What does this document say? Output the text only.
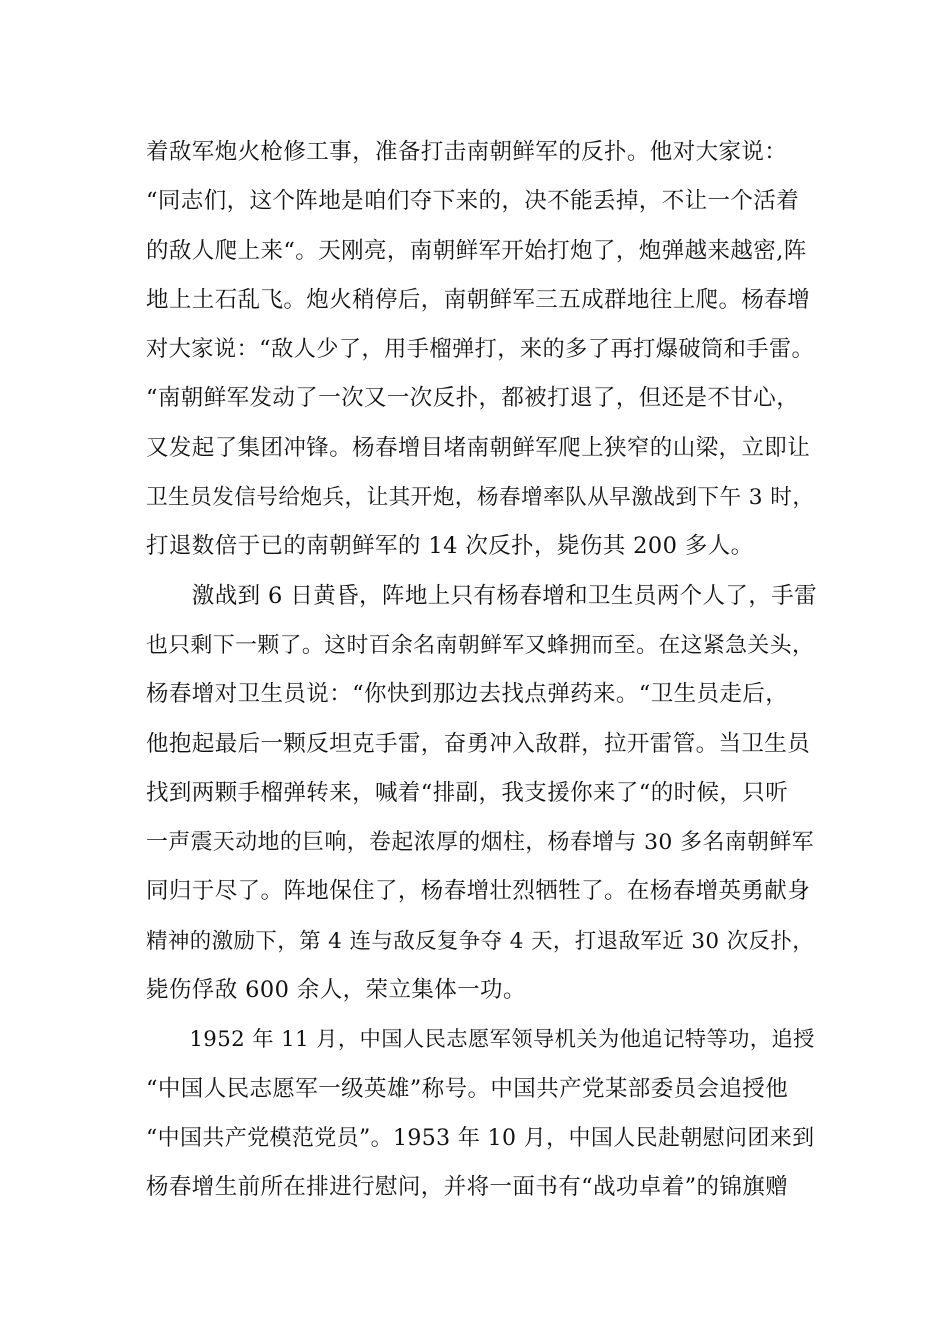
着敌军炮火枪修工事，准备打击南朝鲜军的反扑。他对大家说：
“同志们，这个阵地是咱们夺下来的，决不能丢掉，不让一个活着
的敌人爬上来“。天刚亮，南朝鲜军开始打炮了，炮弹越来越密,阵
地上土石乱飞。炮火稍停后，南朝鲜军三五成群地往上爬。杨春增
对大家说：“敌人少了，用手榴弹打，来的多了再打爆破筒和手雷。
“南朝鲜军发动了一次又一次反扑，都被打退了，但还是不甘心，
又发起了集团冲锋。杨春增目堵南朝鲜军爬上狭窄的山梁，立即让
卫生员发信号给炮兵，让其开炮，杨春增率队从早激战到下午 3 时，
打退数倍于已的南朝鲜军的 14 次反扑，毙伤其 200 多人。
　　激战到 6 日黄昏，阵地上只有杨春增和卫生员两个人了，手雷
也只剩下一颗了。这时百余名南朝鲜军又蜂拥而至。在这紧急关头，
杨春增对卫生员说：“你快到那边去找点弹药来。“卫生员走后，
他抱起最后一颗反坦克手雷，奋勇冲入敌群，拉开雷管。当卫生员
找到两颗手榴弹转来，喊着“排副，我支援你来了“的时候，只听
一声震天动地的巨响，卷起浓厚的烟柱，杨春增与 30 多名南朝鲜军
同归于尽了。阵地保住了，杨春增壮烈牺牲了。在杨春增英勇献身
精神的激励下，第 4 连与敌反复争夺 4 天，打退敌军近 30 次反扑，
毙伤俘敌 600 余人，荣立集体一功。
　　1952 年 11 月，中国人民志愿军领导机关为他追记特等功，追授
“中国人民志愿军一级英雄”称号。中国共产党某部委员会追授他
“中国共产党模范党员”。1953 年 10 月，中国人民赴朝慰问团来到
杨春增生前所在排进行慰问，并将一面书有“战功卓着”的锦旗赠
